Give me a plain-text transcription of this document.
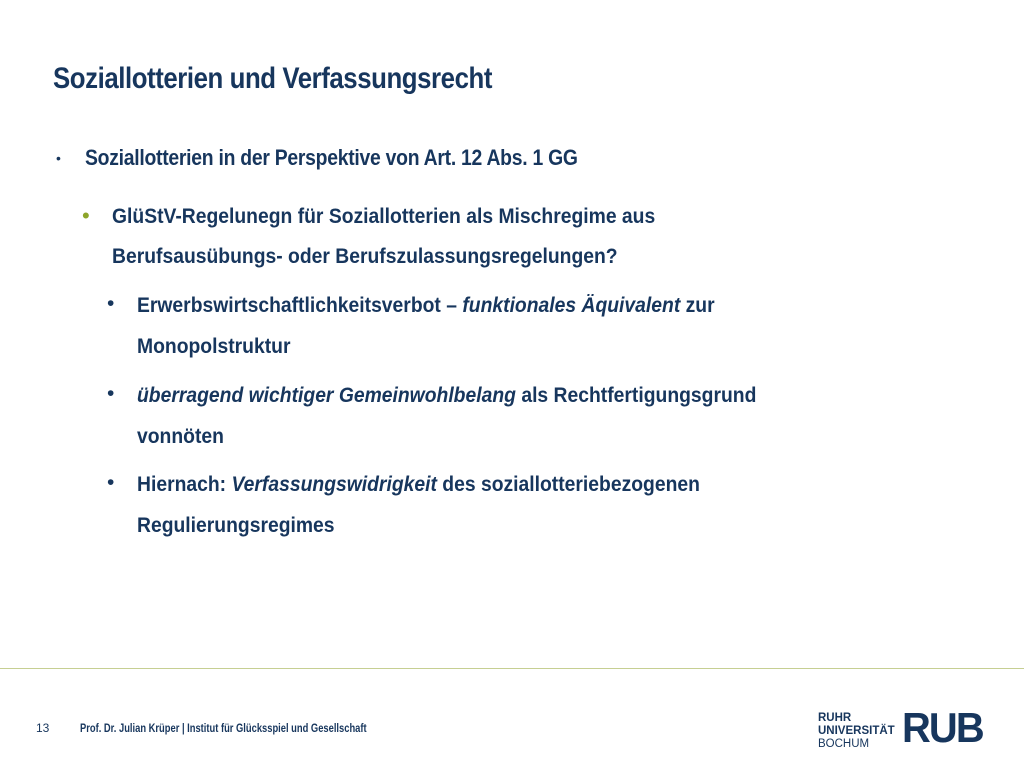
Soziallotterien und Verfassungsrecht
• Soziallotterien in der Perspektive von Art. 12 Abs. 1 GG
• GlüStV-Regelunegn für Soziallotterien als Mischregime aus Berufsausübungs- oder Berufszulassungsregelungen?
• Erwerbswirtschaftlichkeitsverbot – funktionales Äquivalent zur Monopolstruktur
• überragend wichtiger Gemeinwohlbelang als Rechtfertigungsgrund vonnöten
• Hiernach: Verfassungswidrigkeit des soziallotteriebezogenen Regulierungsregimes
13	Prof. Dr. Julian Krüper | Institut für Glücksspiel und Gesellschaft
RUHR
UNIVERSITÄT
BOCHUM RUB
